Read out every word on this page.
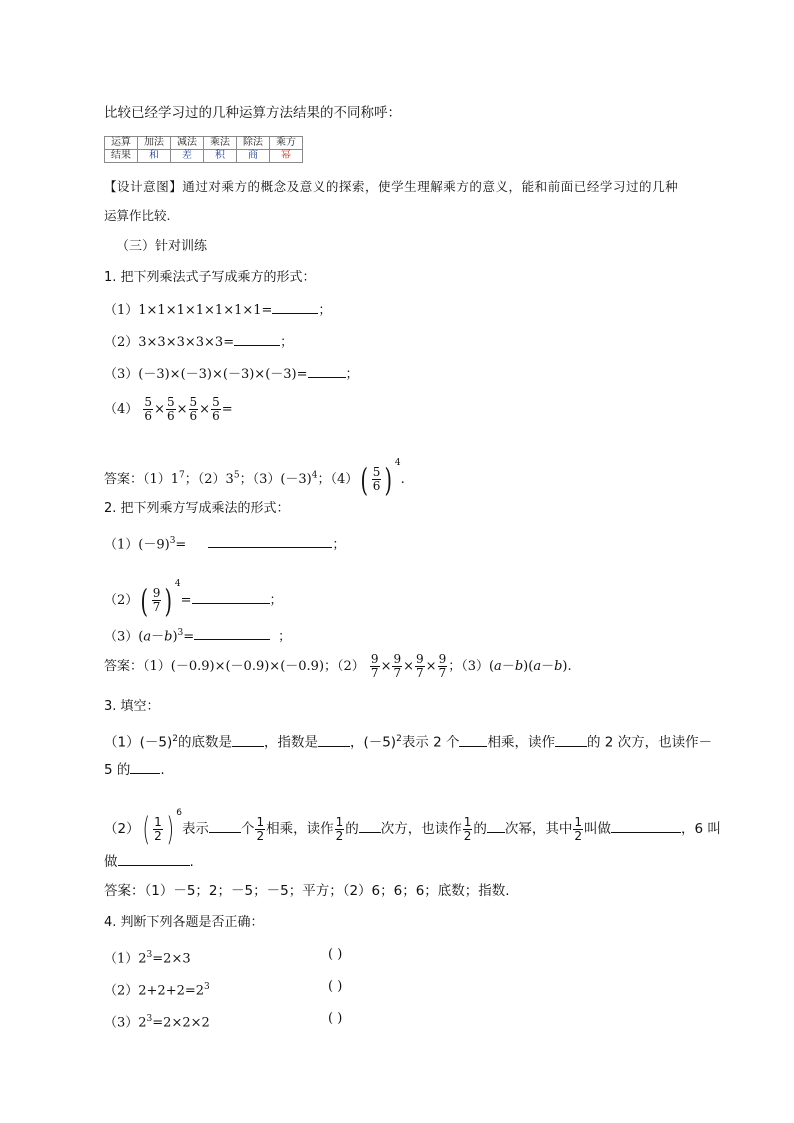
比较已经学习过的几种运算方法结果的不同称呼：
运算	加法	减法	乘法	除法	乘方
结果	和	差	积	商	幂
【设计意图】通过对乘方的概念及意义的探索，使学生理解乘方的意义，能和前面已经学习过的几种
运算作比较.
（三）针对训练
1. 把下列乘法式子写成乘方的形式：
（1）1×1×1×1×1×1×1=	；
（2）3×3×3×3×3=	；
（3）(－3)×(－3)×(－3)×(－3)=	；
$(4) \frac{5}{6} \times \frac{5}{6} \times \frac{5}{6} \times \frac{5}{6}$ =
答案：$(1)1^7$；$(2)3^5$；$(3)(-3)^4$；$(4)( \frac{5}{6}$ ) $^4$.
2. 把下列乘方写成乘法的形式：
$(1)(-9)^3=$	；
$(2)( \frac{9}{7}$ ) $^4$=	；
$(3)(a-b)^3=$	；
答案：（1）(－0.9)×(－0.9)×(－0.9)；$(2) \frac{9}{7} \times \frac{9}{7} \times \frac{9}{7} \times \frac{9}{7}$ ；（3）(a－b)(a－b).
3. 填空：
$(1)(-5)^2$的底数是 ，指数是 ，$(-5)^2$表示 2 个 相乘，读作 的 2 次方，也读作－
5 的 .
$(2)( \frac{1}{2}$ ) $^6$表示 个 $\frac{1}{2}$ 相乘，读作 $\frac{1}{2}$ 的 次方，也读作 $\frac{1}{2}$ 的 次幂，其中 $\frac{1}{2}$ 叫做	，6 叫
做	.
答案：（1）－5；2；－5；－5；平方；（2）6；6；6；底数；指数.
4. 判断下列各题是否正确：
$(1)2^3=2\times 3$	( )
$(2)2+2+2=2^3$	( )
$(3)2^3=2\times 2\times 2$	( )
